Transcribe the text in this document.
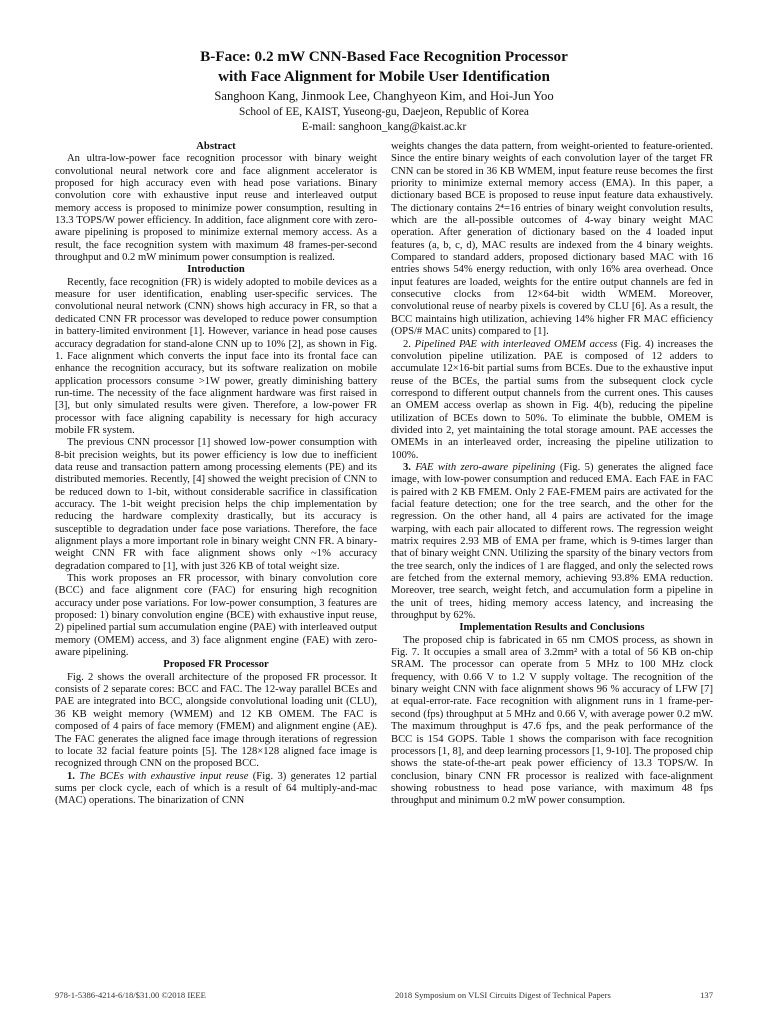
B-Face: 0.2 mW CNN-Based Face Recognition Processor
with Face Alignment for Mobile User Identification
Sanghoon Kang, Jinmook Lee, Changhyeon Kim, and Hoi-Jun Yoo
School of EE, KAIST, Yuseong-gu, Daejeon, Republic of Korea
E-mail: sanghoon_kang@kaist.ac.kr
Abstract

An ultra-low-power face recognition processor with binary weight convolutional neural network core and face alignment accelerator is proposed for high accuracy even with head pose variations. Binary convolution core with exhaustive input reuse and interleaved output memory access is proposed to minimize power consumption, resulting in 13.3 TOPS/W power efficiency. In addition, face alignment core with zero-aware pipelining is proposed to minimize external memory access. As a result, the face recognition system with maximum 48 frames-per-second throughput and 0.2 mW minimum power consumption is realized.

Introduction

Recently, face recognition (FR) is widely adopted to mobile devices as a measure for user identification, enabling user-specific services. The convolutional neural network (CNN) shows high accuracy in FR, so that a dedicated CNN FR processor was developed to reduce power consumption in battery-limited environment [1]. However, variance in head pose causes accuracy degradation for stand-alone CNN up to 10% [2], as shown in Fig. 1. Face alignment which converts the input face into its frontal face can enhance the recognition accuracy, but its software realization on mobile application processors consume >1W power, greatly diminishing battery run-time. The necessity of the face alignment hardware was first raised in [3], but only simulated results were given. Therefore, a low-power FR processor with face aligning capability is necessary for high accuracy mobile FR system.

The previous CNN processor [1] showed low-power consumption with 8-bit precision weights, but its power efficiency is low due to inefficient data reuse and transaction pattern among processing elements (PE) and its distributed memories. Recently, [4] showed the weight precision of CNN to be reduced down to 1-bit, without considerable sacrifice in classification accuracy. The 1-bit weight precision helps the chip implementation by reducing the hardware complexity drastically, but its accuracy is susceptible to degradation under face pose variations. Therefore, the face alignment plays a more important role in binary weight CNN FR. A binary-weight CNN FR with face alignment shows only ~1% accuracy degradation compared to [1], with just 326 KB of total weight size.

This work proposes an FR processor, with binary convolution core (BCC) and face alignment core (FAC) for ensuring high recognition accuracy under pose variations. For low-power consumption, 3 features are proposed: 1) binary convolution engine (BCE) with exhaustive input reuse, 2) pipelined partial sum accumulation engine (PAE) with interleaved output memory (OMEM) access, and 3) face alignment engine (FAE) with zero-aware pipelining.

Proposed FR Processor

Fig. 2 shows the overall architecture of the proposed FR processor. It consists of 2 separate cores: BCC and FAC. The 12-way parallel BCEs and PAE are integrated into BCC, alongside convolutional loading unit (CLU), 36 KB weight memory (WMEM) and 12 KB OMEM. The FAC is composed of 4 pairs of face memory (FMEM) and alignment engine (AE). The FAC generates the aligned face image through iterations of regression to locate 32 facial feature points [5]. The 128×128 aligned face image is recognized through CNN on the proposed BCC.

1. The BCEs with exhaustive input reuse (Fig. 3) generates 12 partial sums per clock cycle, each of which is a result of 64 multiply-and-mac (MAC) operations. The binarization of CNN

weights changes the data pattern, from weight-oriented to feature-oriented. Since the entire binary weights of each convolution layer of the target FR CNN can be stored in 36 KB WMEM, input feature reuse becomes the first priority to minimize external memory access (EMA). In this paper, a dictionary based BCE is proposed to reuse input feature data exhaustively. The dictionary contains 2⁴=16 entries of binary weight convolution results, which are the all-possible outcomes of 4-way binary weight MAC operation. After generation of dictionary based on the 4 loaded input features (a, b, c, d), MAC results are indexed from the 4 binary weights. Compared to standard adders, proposed dictionary based MAC with 16 entries shows 54% energy reduction, with only 16% area overhead. Once input features are loaded, weights for the entire output channels are fed in consecutive clocks from 12×64-bit width WMEM. Moreover, convolutional reuse of nearby pixels is covered by CLU [6]. As a result, the BCC maintains high utilization, achieving 14% higher FR MAC efficiency (OPS/# MAC units) compared to [1].

2. Pipelined PAE with interleaved OMEM access (Fig. 4) increases the convolution pipeline utilization. PAE is composed of 12 adders to accumulate 12×16-bit partial sums from BCEs. Due to the exhaustive input reuse of the BCEs, the partial sums from the subsequent clock cycle correspond to different output channels from the current ones. This causes an OMEM access overlap as shown in Fig. 4(b), reducing the pipeline utilization of BCEs down to 50%. To eliminate the bubble, OMEM is divided into 2, yet maintaining the total storage amount. PAE accesses the OMEMs in an interleaved order, increasing the pipeline utilization to 100%.

3. FAE with zero-aware pipelining (Fig. 5) generates the aligned face image, with low-power consumption and reduced EMA. Each FAE in FAC is paired with 2 KB FMEM. Only 2 FAE-FMEM pairs are activated for the facial feature detection; one for the tree search, and the other for the regression. On the other hand, all 4 pairs are activated for the image warping, with each pair allocated to different rows. The regression weight matrix requires 2.93 MB of EMA per frame, which is 9-times larger than that of binary weight CNN. Utilizing the sparsity of the binary vectors from the tree search, only the indices of 1 are flagged, and only the selected rows are fetched from the external memory, achieving 93.8% EMA reduction. Moreover, tree search, weight fetch, and accumulation form a pipeline in the unit of trees, hiding memory access latency, and increasing the throughput by 62%.

Implementation Results and Conclusions

The proposed chip is fabricated in 65 nm CMOS process, as shown in Fig. 7. It occupies a small area of 3.2mm² with a total of 56 KB on-chip SRAM. The processor can operate from 5 MHz to 100 MHz clock frequency, with 0.66 V to 1.2 V supply voltage. The recognition of the binary weight CNN with face alignment shows 96 % accuracy of LFW [7] at equal-error-rate. Face recognition with alignment runs in 1 frame-per-second (fps) throughput at 5 MHz and 0.66 V, with average power 0.2 mW. The maximum throughput is 47.6 fps, and the peak performance of the BCC is 154 GOPS. Table 1 shows the comparison with face recognition processors [1, 8], and deep learning processors [1, 9-10]. The proposed chip shows the state-of-the-art peak power efficiency of 13.3 TOPS/W. In conclusion, binary CNN FR processor is realized with face-alignment showing robustness to head pose variance, with maximum 48 fps throughput and minimum 0.2 mW power consumption.

978-1-5386-4214-6/18/$31.00 ©2018 IEEE	2018 Symposium on VLSI Circuits Digest of Technical Papers	137
